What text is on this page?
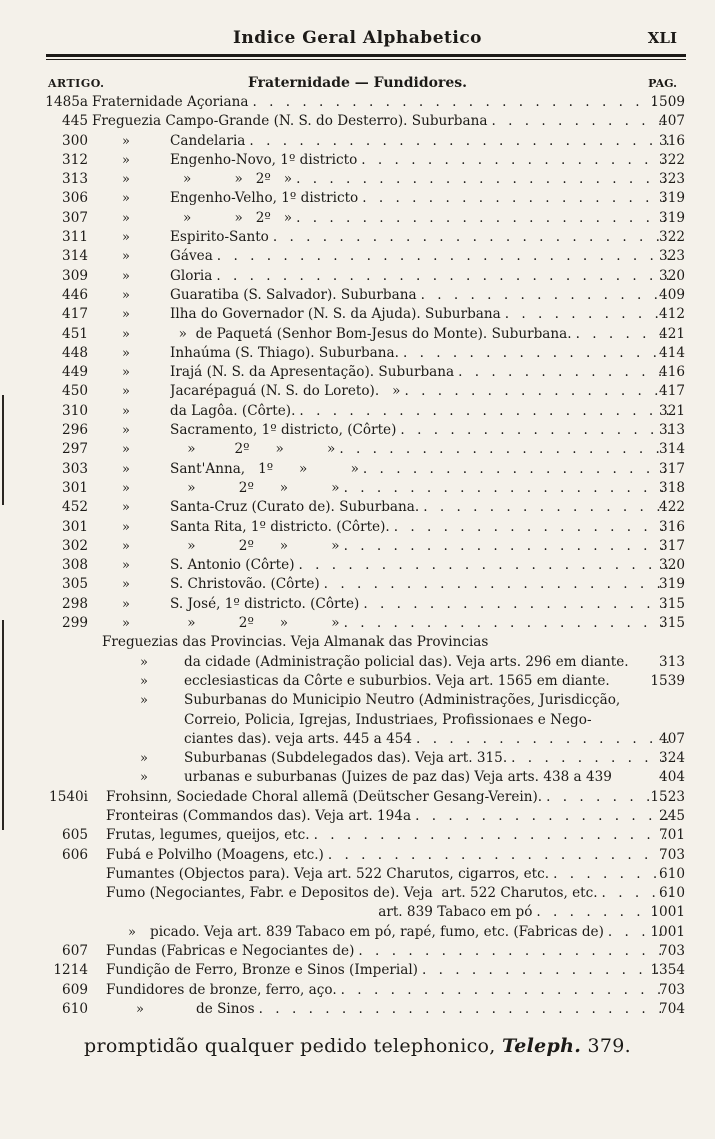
Indice Geral Alphabetico	XLI
ARTIGO.	Fraternidade — Fundidores.	PAG.
1485a Fraternidade Açoriana . . .	1509
445 Freguezia Campo-Grande (N. S. do Desterro). Suburbana . . .	407
300	»	Candelaria . . .	316
312	»	Engenho-Novo, 1º districto . . .	322
313	»	»          »   2º   » . . .	323
306	»	Engenho-Velho, 1º districto . . .	319
307	»	»          »   2º   » . . .	319
311	»	Espirito-Santo . . .	322
314	»	Gávea . . .	323
309	»	Gloria . . .	320
446	»	Guaratiba (S. Salvador). Suburbana . . .	409
417	»	Ilha do Governador (N. S. da Ajuda). Suburbana . . .	412
451	»	»  de Paquetá (Senhor Bom-Jesus do Monte). Suburbana. . . .	421
448	»	Inhaúma (S. Thiago). Suburbana. . . .	414
449	»	Irajá (N. S. da Apresentação). Suburbana . . .	416
450	»	Jacarépaguá (N. S. do Loreto).   » . . .	417
310	»	da Lagôa. (Côrte). . . .	321
296	»	Sacramento, 1º districto, (Côrte) . . .	313
297	»	»         2º      »          » . . .	314
303	»	Sant'Anna,   1º      »          » . . .	317
301	»	»          2º      »          » . . .	318
452	»	Santa-Cruz (Curato de). Suburbana. . . .	422
301	»	Santa Rita, 1º districto. (Côrte). . . .	316
302	»	»          2º      »          » . . .	317
308	»	S. Antonio (Côrte) . . .	320
305	»	S. Christovão. (Côrte) . . .	319
298	»	S. José, 1º districto. (Côrte) . . .	315
299	»	»          2º      »          » . . .	315
Freguezias das Provincias. Veja Almanak das Provincias
»	da cidade (Administração policial das). Veja arts. 296 em diante.	313
»	ecclesiasticas da Côrte e suburbios. Veja art. 1565 em diante.	1539
»	Suburbanas do Municipio Neutro (Administrações, Jurisdicção,
Correio, Policia, Igrejas, Industriaes, Profissionaes e Nego-
ciantes das). veja arts. 445 a 454 . . .	407
»	Suburbanas (Subdelegados das). Veja art. 315. . . .	324
»	urbanas e suburbanas (Juizes de paz das) Veja arts. 438 a 439	404
1540i Frohsinn, Sociedade Choral allemã (Deütscher Gesang-Verein). . . .	1523
Fronteiras (Commandos das). Veja art. 194a . . .	245
605 Frutas, legumes, queijos, etc. . . .	701
606 Fubá e Polvilho (Moagens, etc.) . . .	703
Fumantes (Objectos para). Veja art. 522 Charutos, cigarros, etc. . . .	610
Fumo (Negociantes, Fabr. e Depositos de). Veja  art. 522 Charutos, etc. . . .	610
art. 839 Tabaco em pó . . .	1001
» picado. Veja art. 839 Tabaco em pó, rapé, fumo, etc. (Fabricas de) . . .	1001
607 Fundas (Fabricas e Negociantes de) . . .	703
1214 Fundição de Ferro, Bronze e Sinos (Imperial) . . .	1354
609 Fundidores de bronze, ferro, aço. . . .	703
610	»	de Sinos . . .	704
promptidão qualquer pedido telephonico, Teleph. 379.
